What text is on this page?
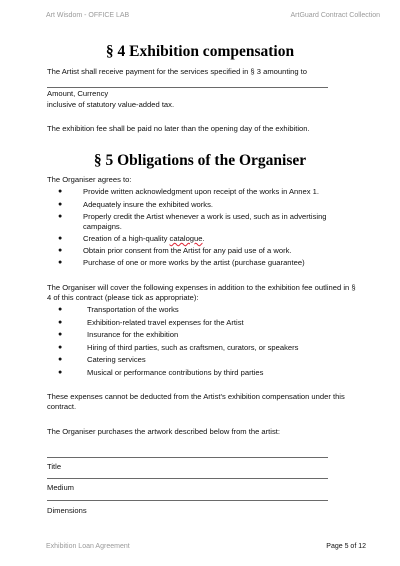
Art Wisdom - OFFICE LAB	ArtGuard Contract Collection
§ 4 Exhibition compensation
The Artist shall receive payment for the services specified in § 3 amounting to
Amount, Currency
inclusive of statutory value-added tax.
The exhibition fee shall be paid no later than the opening day of the exhibition.
§ 5 Obligations of the Organiser
The Organiser agrees to:
●	Provide written acknowledgment upon receipt of the works in Annex 1.
●	Adequately insure the exhibited works.
●	Properly credit the Artist whenever a work is used, such as in advertising
campaigns.
●	Creation of a high-quality catalogue.
●	Obtain prior consent from the Artist for any paid use of a work.
●	Purchase of one or more works by the artist (purchase guarantee)
The Organiser will cover the following expenses in addition to the exhibition fee outlined in §
4 of this contract (please tick as appropriate):
●	Transportation of the works
●	Exhibition-related travel expenses for the Artist
●	Insurance for the exhibition
●	Hiring of third parties, such as craftsmen, curators, or speakers
●	Catering services
●	Musical or performance contributions by third parties
These expenses cannot be deducted from the Artist's exhibition compensation under this
contract.
The Organiser purchases the artwork described below from the artist:
Title
Medium
Dimensions
Exhibition Loan Agreement	Page 5 of 12
